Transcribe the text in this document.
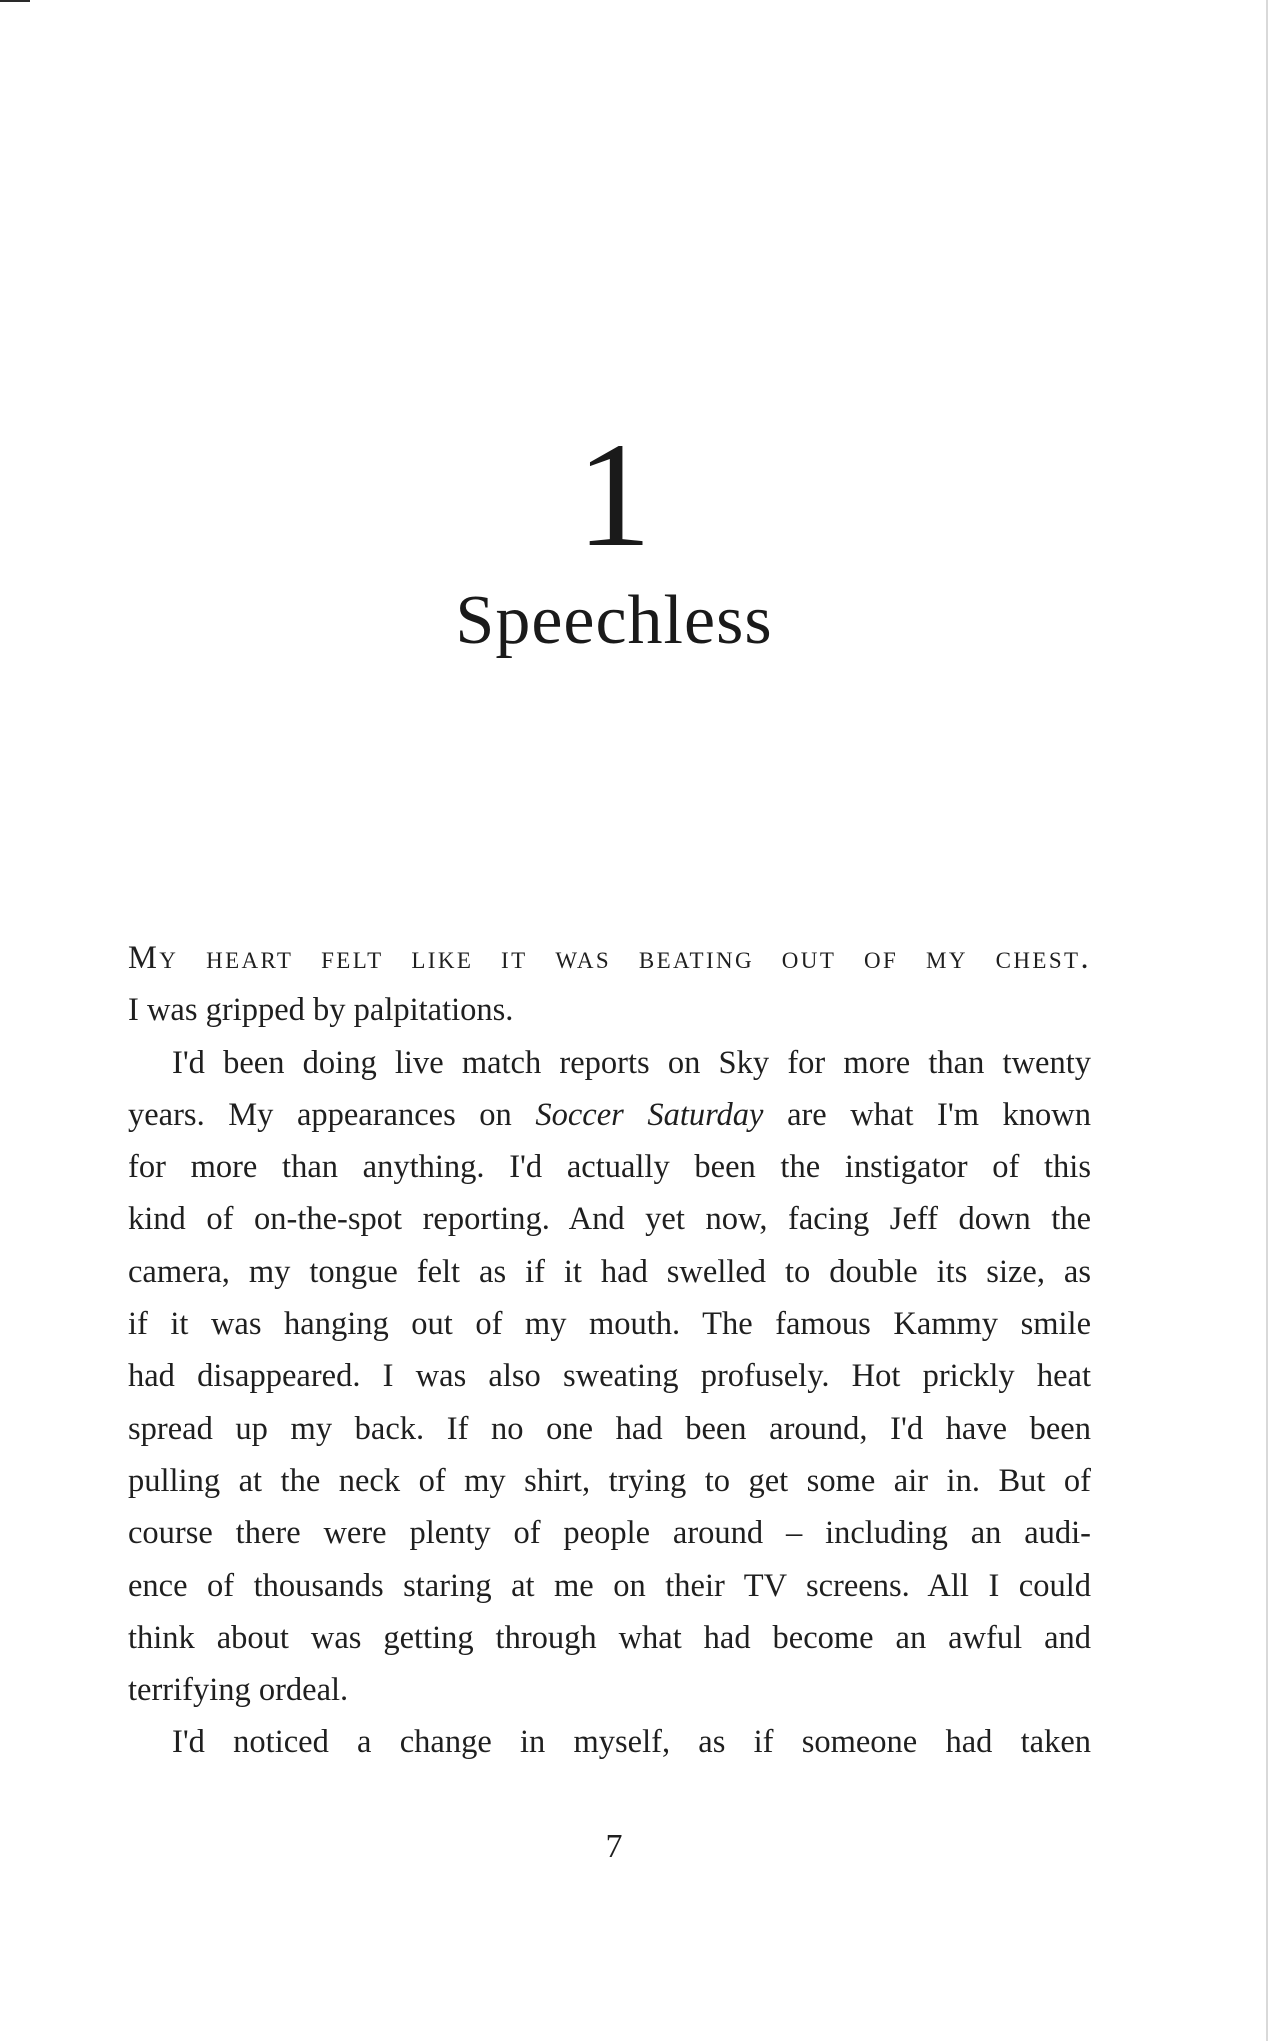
1
Speechless
My heart felt like it was beating out of my chest.
I was gripped by palpitations.
I'd been doing live match reports on Sky for more than twenty
years. My appearances on Soccer Saturday are what I'm known
for more than anything. I'd actually been the instigator of this
kind of on-the-spot reporting. And yet now, facing Jeff down the
camera, my tongue felt as if it had swelled to double its size, as
if it was hanging out of my mouth. The famous Kammy smile
had disappeared. I was also sweating profusely. Hot prickly heat
spread up my back. If no one had been around, I'd have been
pulling at the neck of my shirt, trying to get some air in. But of
course there were plenty of people around – including an audi-
ence of thousands staring at me on their TV screens. All I could
think about was getting through what had become an awful and
terrifying ordeal.
I'd noticed a change in myself, as if someone had taken
7
